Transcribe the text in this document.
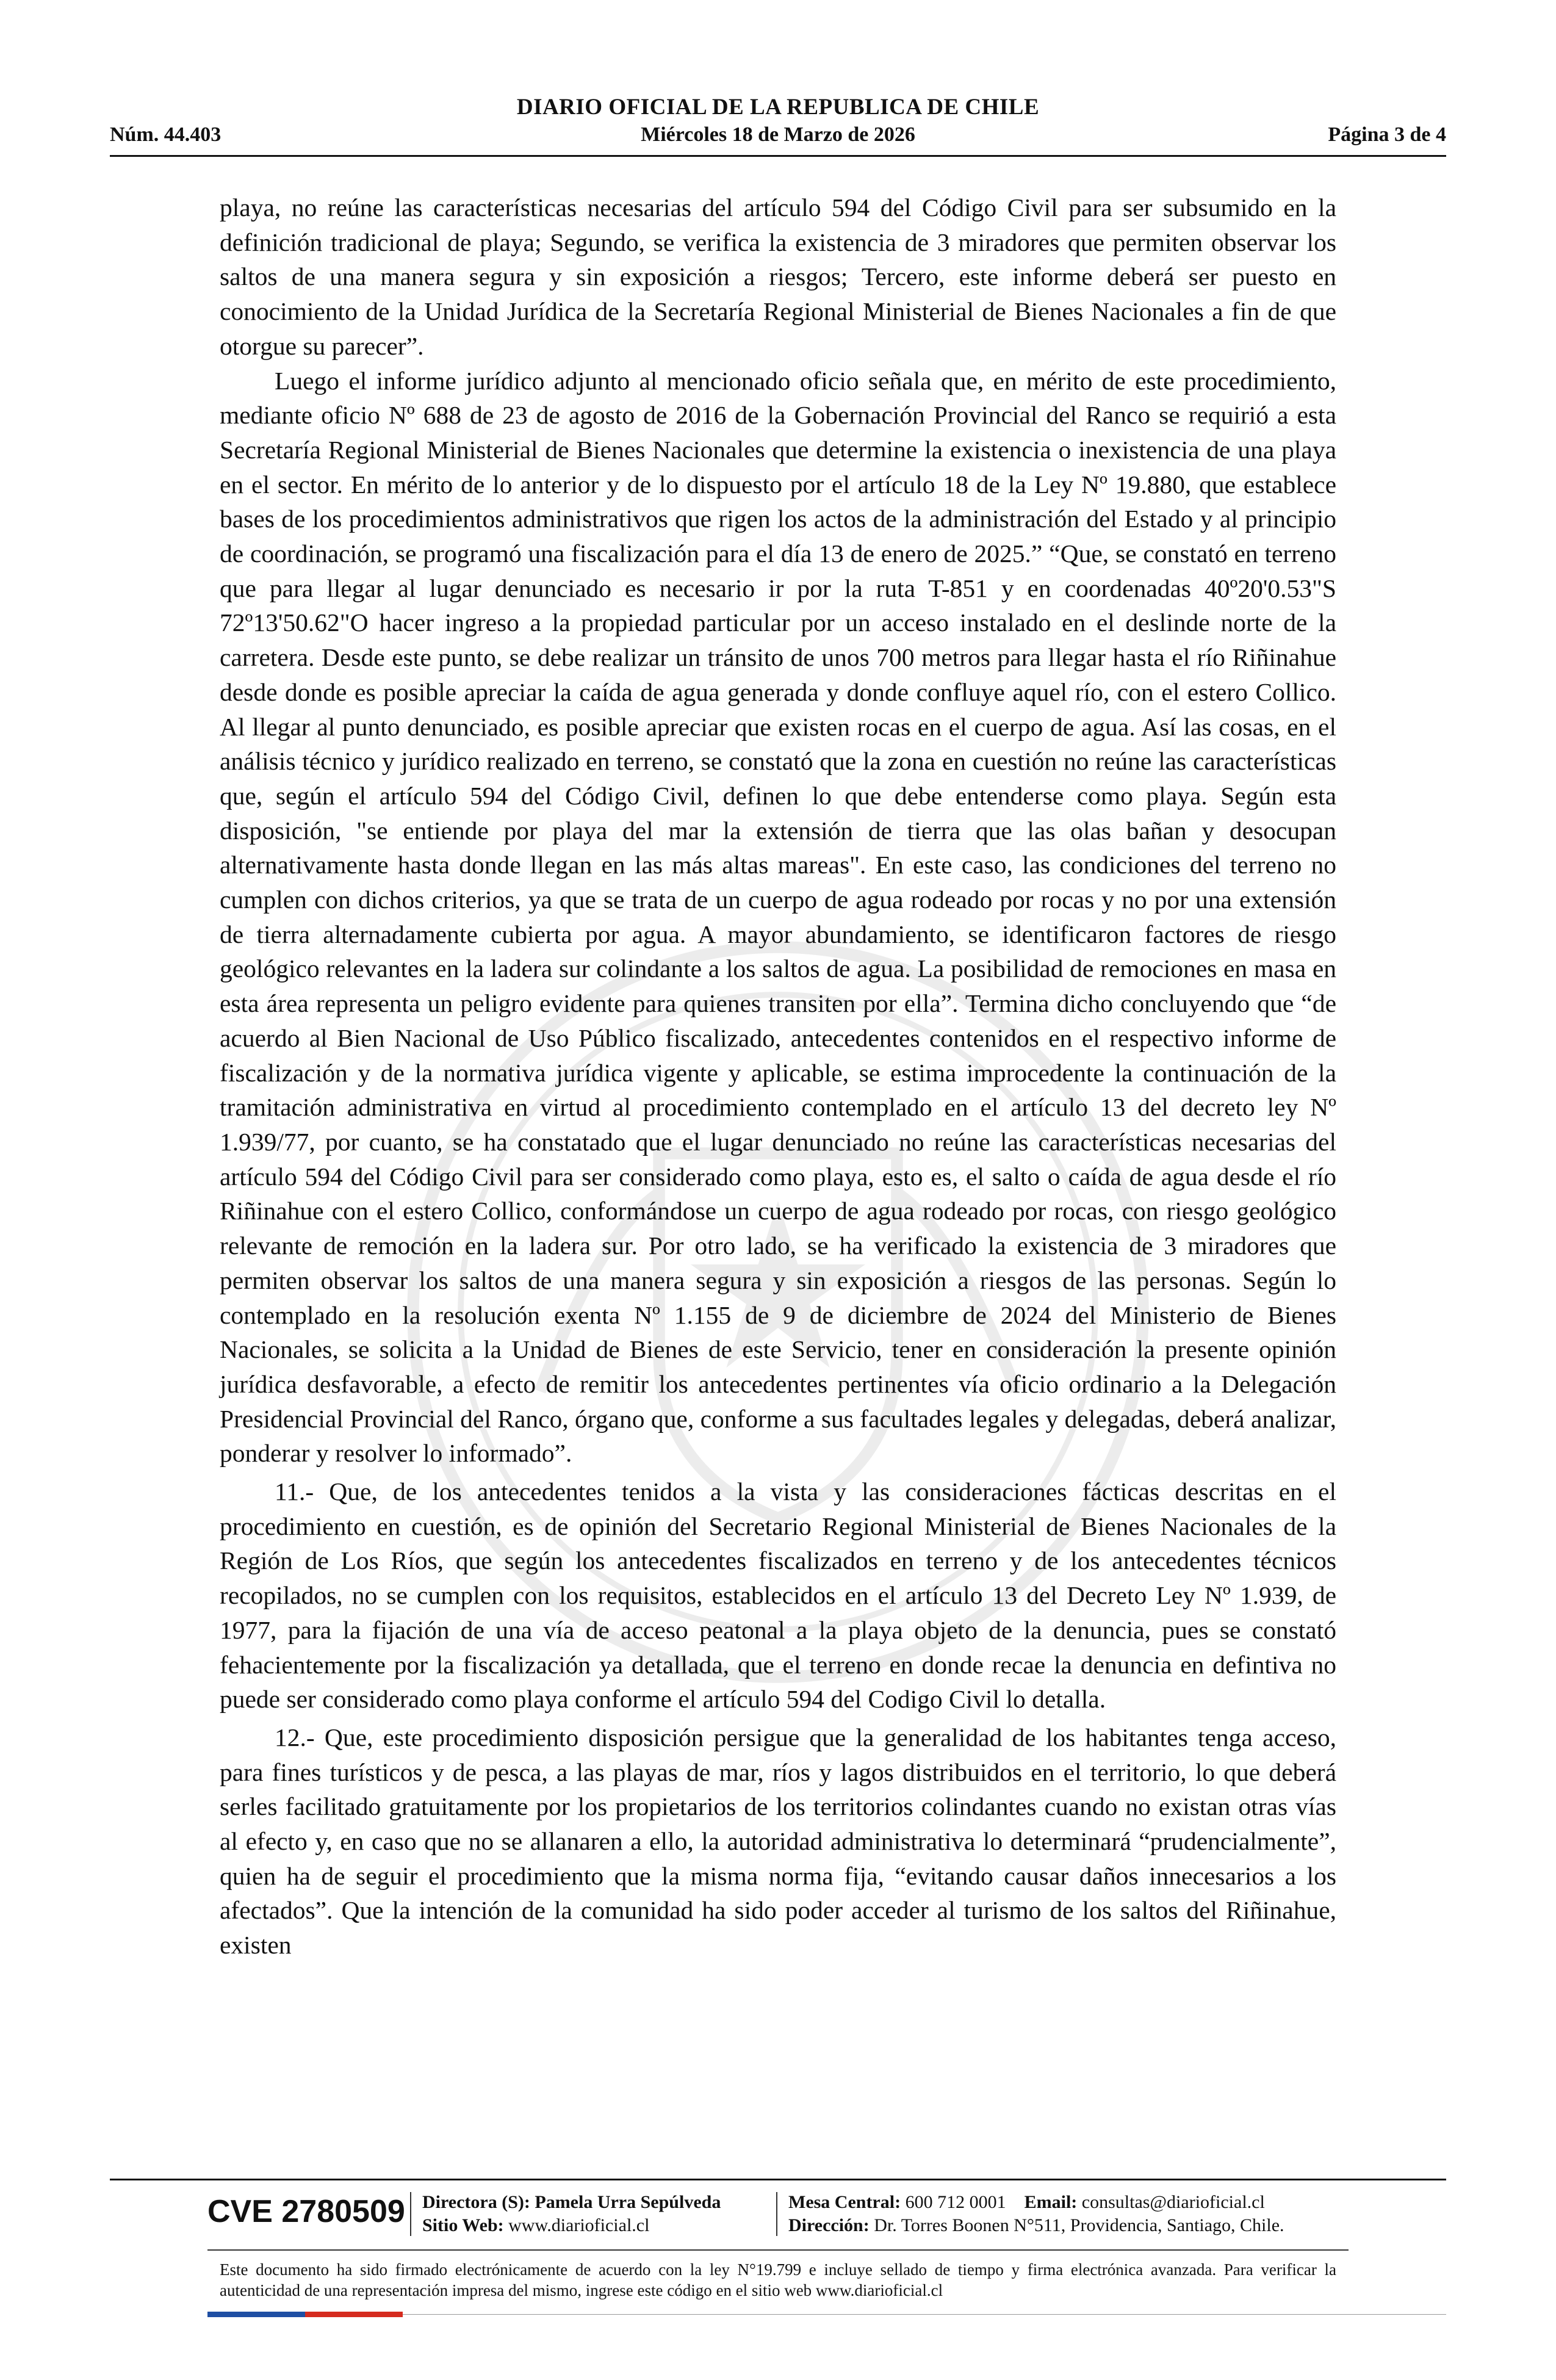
DIARIO OFICIAL DE LA REPUBLICA DE CHILE
Núm. 44.403	Miércoles 18 de Marzo de 2026	Página 3 de 4

playa, no reúne las características necesarias del artículo 594 del Código Civil para ser subsumido en la definición tradicional de playa; Segundo, se verifica la existencia de 3 miradores que permiten observar los saltos de una manera segura y sin exposición a riesgos; Tercero, este informe deberá ser puesto en conocimiento de la Unidad Jurídica de la Secretaría Regional Ministerial de Bienes Nacionales a fin de que otorgue su parecer”.

Luego el informe jurídico adjunto al mencionado oficio señala que, en mérito de este procedimiento, mediante oficio Nº 688 de 23 de agosto de 2016 de la Gobernación Provincial del Ranco se requirió a esta Secretaría Regional Ministerial de Bienes Nacionales que determine la existencia o inexistencia de una playa en el sector. En mérito de lo anterior y de lo dispuesto por el artículo 18 de la Ley Nº 19.880, que establece bases de los procedimientos administrativos que rigen los actos de la administración del Estado y al principio de coordinación, se programó una fiscalización para el día 13 de enero de 2025.” “Que, se constató en terreno que para llegar al lugar denunciado es necesario ir por la ruta T-851 y en coordenadas 40º20'0.53"S 72º13'50.62"O hacer ingreso a la propiedad particular por un acceso instalado en el deslinde norte de la carretera. Desde este punto, se debe realizar un tránsito de unos 700 metros para llegar hasta el río Riñinahue desde donde es posible apreciar la caída de agua generada y donde confluye aquel río, con el estero Collico. Al llegar al punto denunciado, es posible apreciar que existen rocas en el cuerpo de agua. Así las cosas, en el análisis técnico y jurídico realizado en terreno, se constató que la zona en cuestión no reúne las características que, según el artículo 594 del Código Civil, definen lo que debe entenderse como playa. Según esta disposición, "se entiende por playa del mar la extensión de tierra que las olas bañan y desocupan alternativamente hasta donde llegan en las más altas mareas". En este caso, las condiciones del terreno no cumplen con dichos criterios, ya que se trata de un cuerpo de agua rodeado por rocas y no por una extensión de tierra alternadamente cubierta por agua. A mayor abundamiento, se identificaron factores de riesgo geológico relevantes en la ladera sur colindante a los saltos de agua. La posibilidad de remociones en masa en esta área representa un peligro evidente para quienes transiten por ella”. Termina dicho concluyendo que “de acuerdo al Bien Nacional de Uso Público fiscalizado, antecedentes contenidos en el respectivo informe de fiscalización y de la normativa jurídica vigente y aplicable, se estima improcedente la continuación de la tramitación administrativa en virtud al procedimiento contemplado en el artículo 13 del decreto ley Nº 1.939/77, por cuanto, se ha constatado que el lugar denunciado no reúne las características necesarias del artículo 594 del Código Civil para ser considerado como playa, esto es, el salto o caída de agua desde el río Riñinahue con el estero Collico, conformándose un cuerpo de agua rodeado por rocas, con riesgo geológico relevante de remoción en la ladera sur. Por otro lado, se ha verificado la existencia de 3 miradores que permiten observar los saltos de una manera segura y sin exposición a riesgos de las personas. Según lo contemplado en la resolución exenta Nº 1.155 de 9 de diciembre de 2024 del Ministerio de Bienes Nacionales, se solicita a la Unidad de Bienes de este Servicio, tener en consideración la presente opinión jurídica desfavorable, a efecto de remitir los antecedentes pertinentes vía oficio ordinario a la Delegación Presidencial Provincial del Ranco, órgano que, conforme a sus facultades legales y delegadas, deberá analizar, ponderar y resolver lo informado”.

11.- Que, de los antecedentes tenidos a la vista y las consideraciones fácticas descritas en el procedimiento en cuestión, es de opinión del Secretario Regional Ministerial de Bienes Nacionales de la Región de Los Ríos, que según los antecedentes fiscalizados en terreno y de los antecedentes técnicos recopilados, no se cumplen con los requisitos, establecidos en el artículo 13 del Decreto Ley Nº 1.939, de 1977, para la fijación de una vía de acceso peatonal a la playa objeto de la denuncia, pues se constató fehacientemente por la fiscalización ya detallada, que el terreno en donde recae la denuncia en defintiva no puede ser considerado como playa conforme el artículo 594 del Codigo Civil lo detalla.

12.- Que, este procedimiento disposición persigue que la generalidad de los habitantes tenga acceso, para fines turísticos y de pesca, a las playas de mar, ríos y lagos distribuidos en el territorio, lo que deberá serles facilitado gratuitamente por los propietarios de los territorios colindantes cuando no existan otras vías al efecto y, en caso que no se allanaren a ello, la autoridad administrativa lo determinará “prudencialmente”, quien ha de seguir el procedimiento que la misma norma fija, “evitando causar daños innecesarios a los afectados”. Que la intención de la comunidad ha sido poder acceder al turismo de los saltos del Riñinahue, existen

CVE 2780509 Directora (S): Pamela Urra Sepúlveda
Sitio Web: www.diarioficial.cl
Mesa Central: 600 712 0001 Email: consultas@diarioficial.cl
Dirección: Dr. Torres Boonen N°511, Providencia, Santiago, Chile.
Este documento ha sido firmado electrónicamente de acuerdo con la ley N°19.799 e incluye sellado de tiempo y firma electrónica avanzada. Para verificar la autenticidad de una representación impresa del mismo, ingrese este código en el sitio web www.diarioficial.cl
